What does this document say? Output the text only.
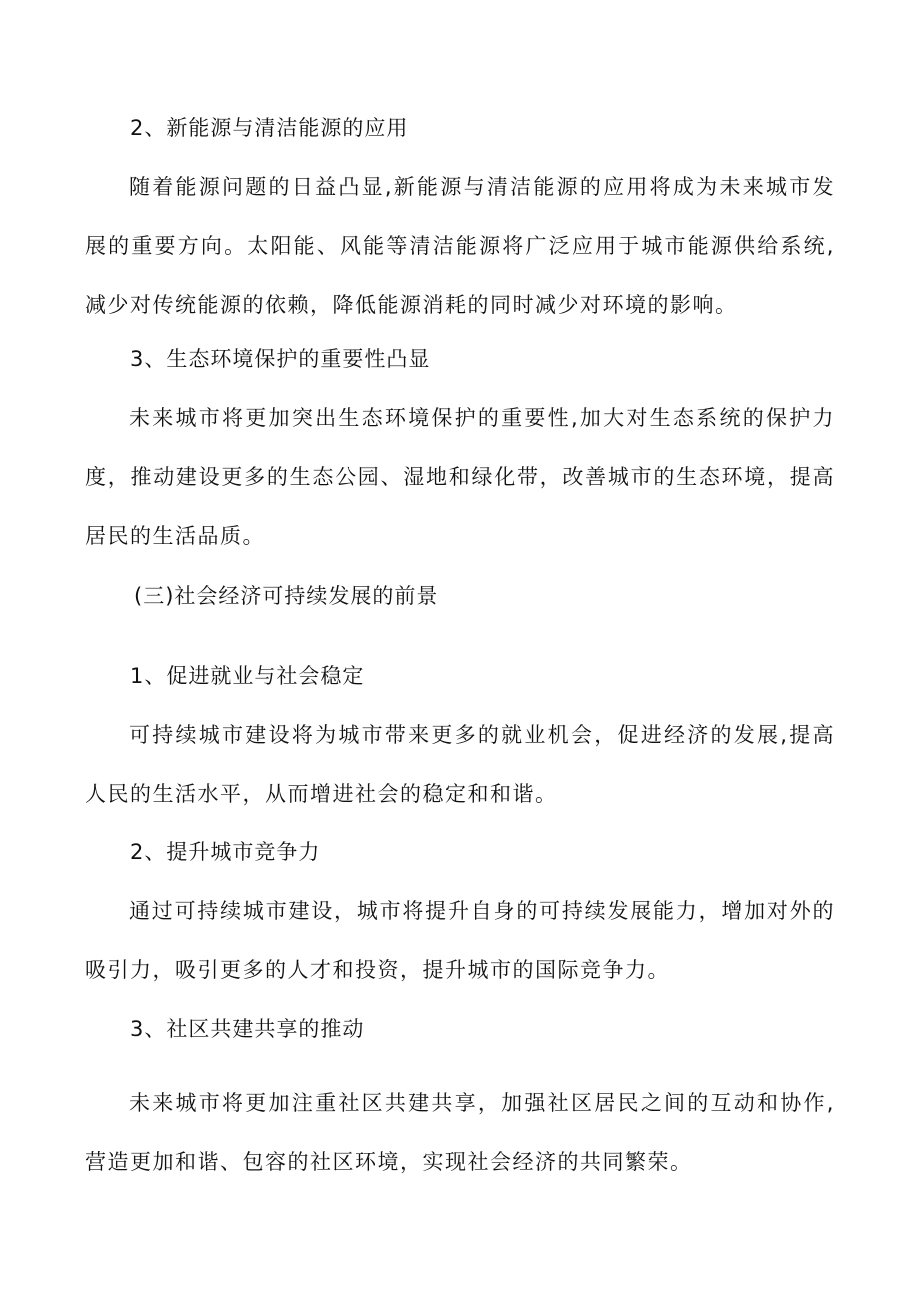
2、新能源与清洁能源的应用
随着能源问题的日益凸显,新能源与清洁能源的应用将成为未来城市发
展的重要方向。太阳能、风能等清洁能源将广泛应用于城市能源供给系统,
减少对传统能源的依赖，降低能源消耗的同时减少对环境的影响。
3、生态环境保护的重要性凸显
未来城市将更加突出生态环境保护的重要性,加大对生态系统的保护力
度，推动建设更多的生态公园、湿地和绿化带，改善城市的生态环境，提高
居民的生活品质。
(三)社会经济可持续发展的前景
1、促进就业与社会稳定
可持续城市建设将为城市带来更多的就业机会，促进经济的发展,提高
人民的生活水平，从而增进社会的稳定和和谐。
2、提升城市竞争力
通过可持续城市建设，城市将提升自身的可持续发展能力，增加对外的
吸引力，吸引更多的人才和投资，提升城市的国际竞争力。
3、社区共建共享的推动
未来城市将更加注重社区共建共享，加强社区居民之间的互动和协作,
营造更加和谐、包容的社区环境，实现社会经济的共同繁荣。
